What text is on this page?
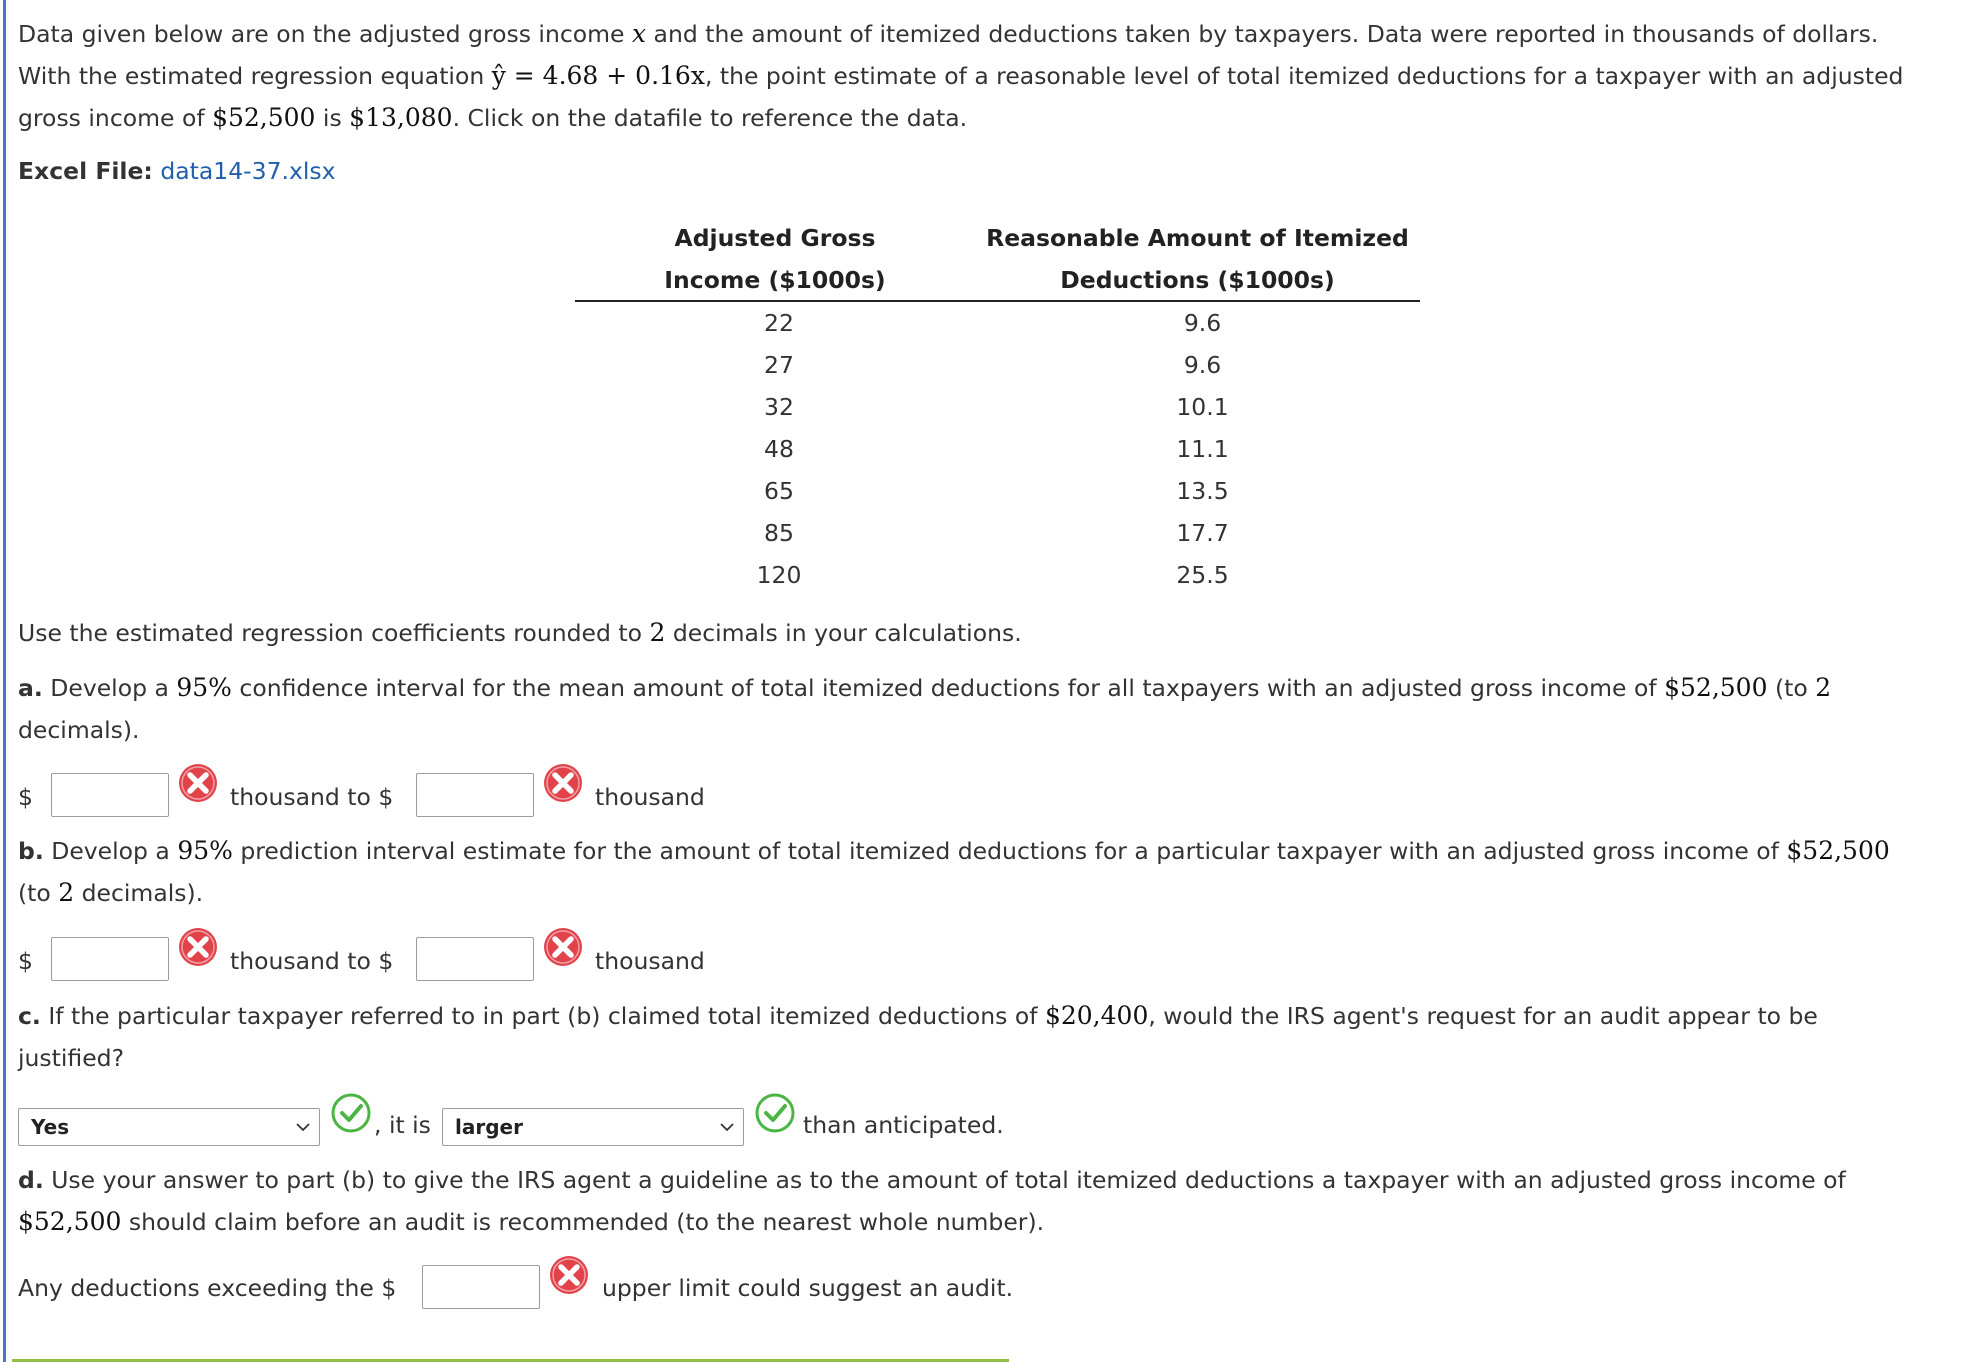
Data given below are on the adjusted gross income x and the amount of itemized deductions taken by taxpayers. Data were reported in thousands of dollars.

With the estimated regression equation ŷ = 4.68 + 0.16x, the point estimate of a reasonable level of total itemized deductions for a taxpayer with an adjusted

gross income of $52,500 is $13,080. Click on the datafile to reference the data.

Excel File: data14-37.xlsx
Adjusted Gross
Income ($1000s)
Reasonable Amount of Itemized
Deductions ($1000s)
22	9.6
27	9.6
32	10.1
48	11.1
65	13.5
85	17.7
120	25.5
Use the estimated regression coefficients rounded to 2 decimals in your calculations.

a. Develop a 95% confidence interval for the mean amount of total itemized deductions for all taxpayers with an adjusted gross income of $52,500 (to 2

decimals).

$	thousand to $	thousand

b. Develop a 95% prediction interval estimate for the amount of total itemized deductions for a particular taxpayer with an adjusted gross income of $52,500

(to 2 decimals).

$	thousand to $	thousand

c. If the particular taxpayer referred to in part (b) claimed total itemized deductions of $20,400, would the IRS agent's request for an audit appear to be

justified?

Yes	, it is	larger	than anticipated.

d. Use your answer to part (b) to give the IRS agent a guideline as to the amount of total itemized deductions a taxpayer with an adjusted gross income of

$52,500 should claim before an audit is recommended (to the nearest whole number).

Any deductions exceeding the $	upper limit could suggest an audit.
